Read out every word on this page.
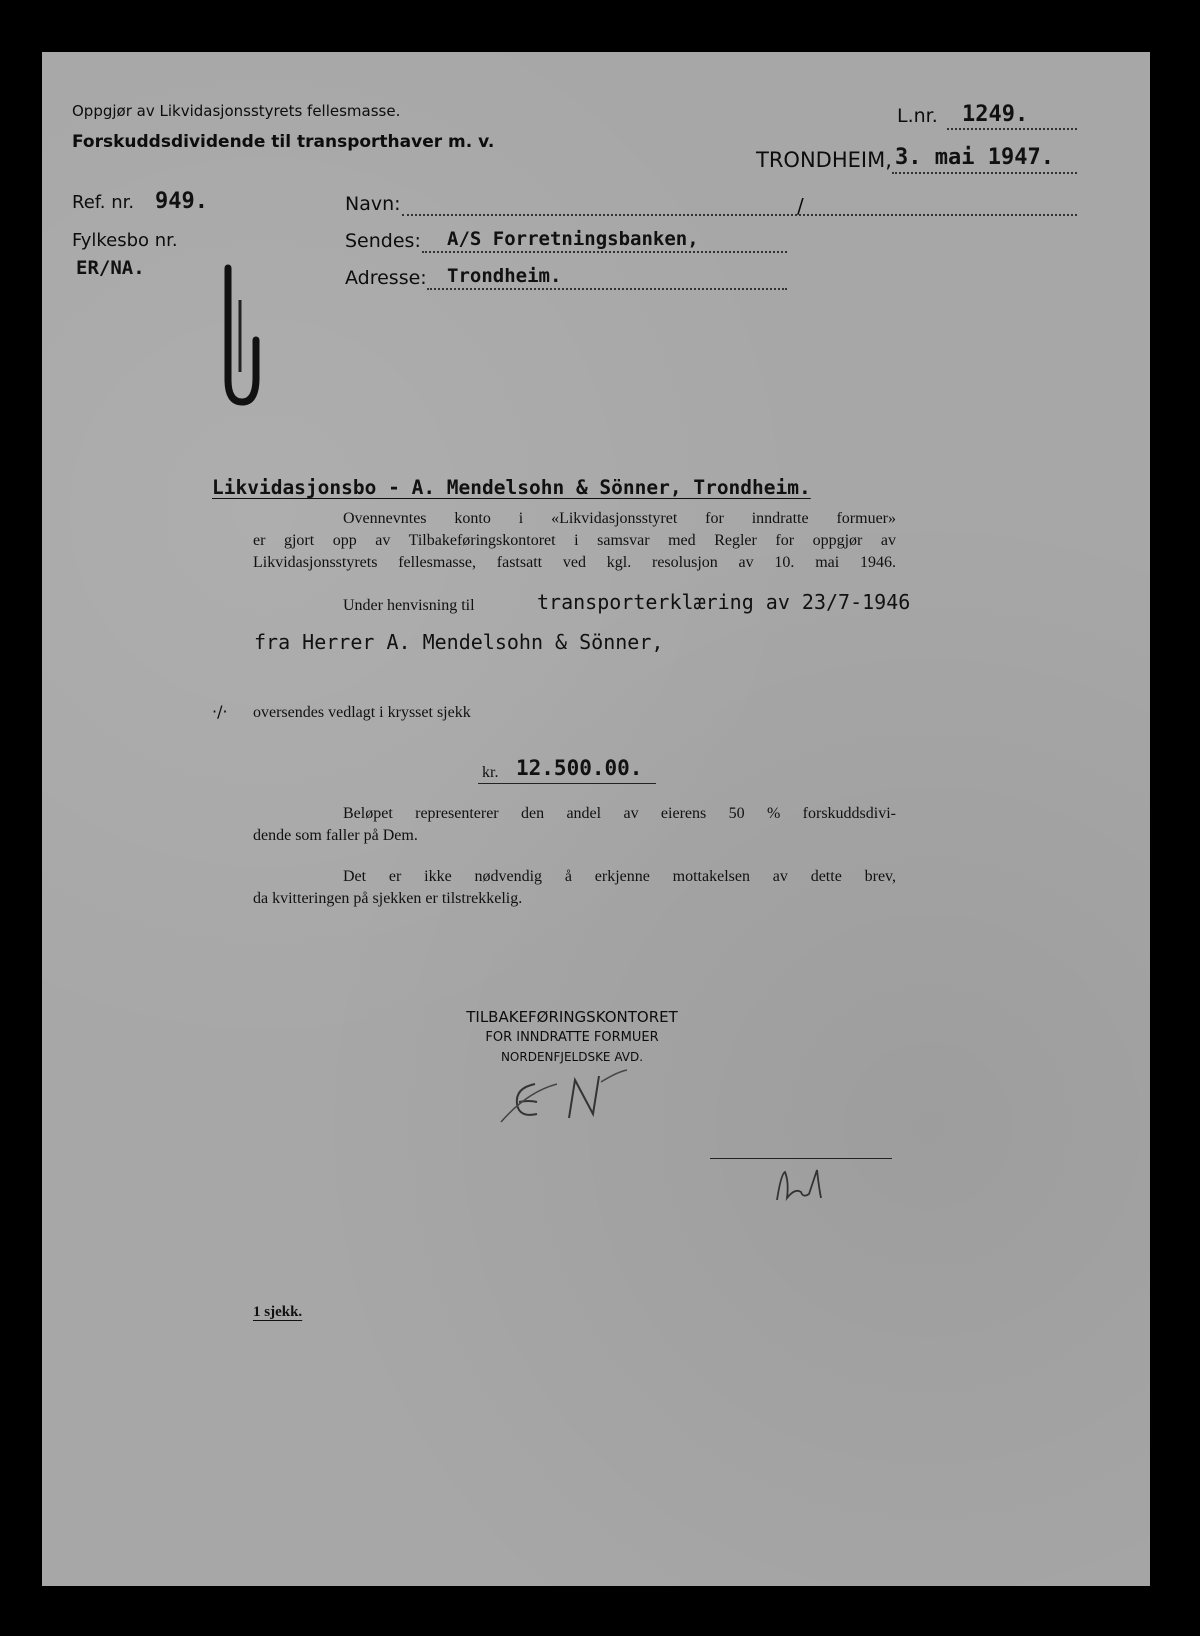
Oppgjør av Likvidasjonsstyrets fellesmasse.
Forskuddsdividende til transporthaver m. v.
L.nr. 1249.
TRONDHEIM, 3. mai 1947.
Ref. nr. 949.
Fylkesbo nr.
ER/NA.
Navn:	/
Sendes: A/S Forretningsbanken,
Adresse: Trondheim.
Likvidasjonsbo - A. Mendelsohn & Sönner, Trondheim.
Ovennevntes konto i «Likvidasjonsstyret for inndratte formuer»
er gjort opp av Tilbakeføringskontoret i samsvar med Regler for oppgjør av
Likvidasjonsstyrets fellesmasse, fastsatt ved kgl. resolusjon av 10. mai 1946.
Under henvisning til	transporterklæring av 23/7-1946
fra Herrer A. Mendelsohn & Sönner,
·/· oversendes vedlagt i krysset sjekk
kr. 12.500.00.
Beløpet representerer den andel av eierens 50 % forskuddsdivi-
dende som faller på Dem.
Det er ikke nødvendig å erkjenne mottakelsen av dette brev,
da kvitteringen på sjekken er tilstrekkelig.
TILBAKEFØRINGSKONTORET
FOR INNDRATTE FORMUER
NORDENFJELDSKE AVD.
1 sjekk.
